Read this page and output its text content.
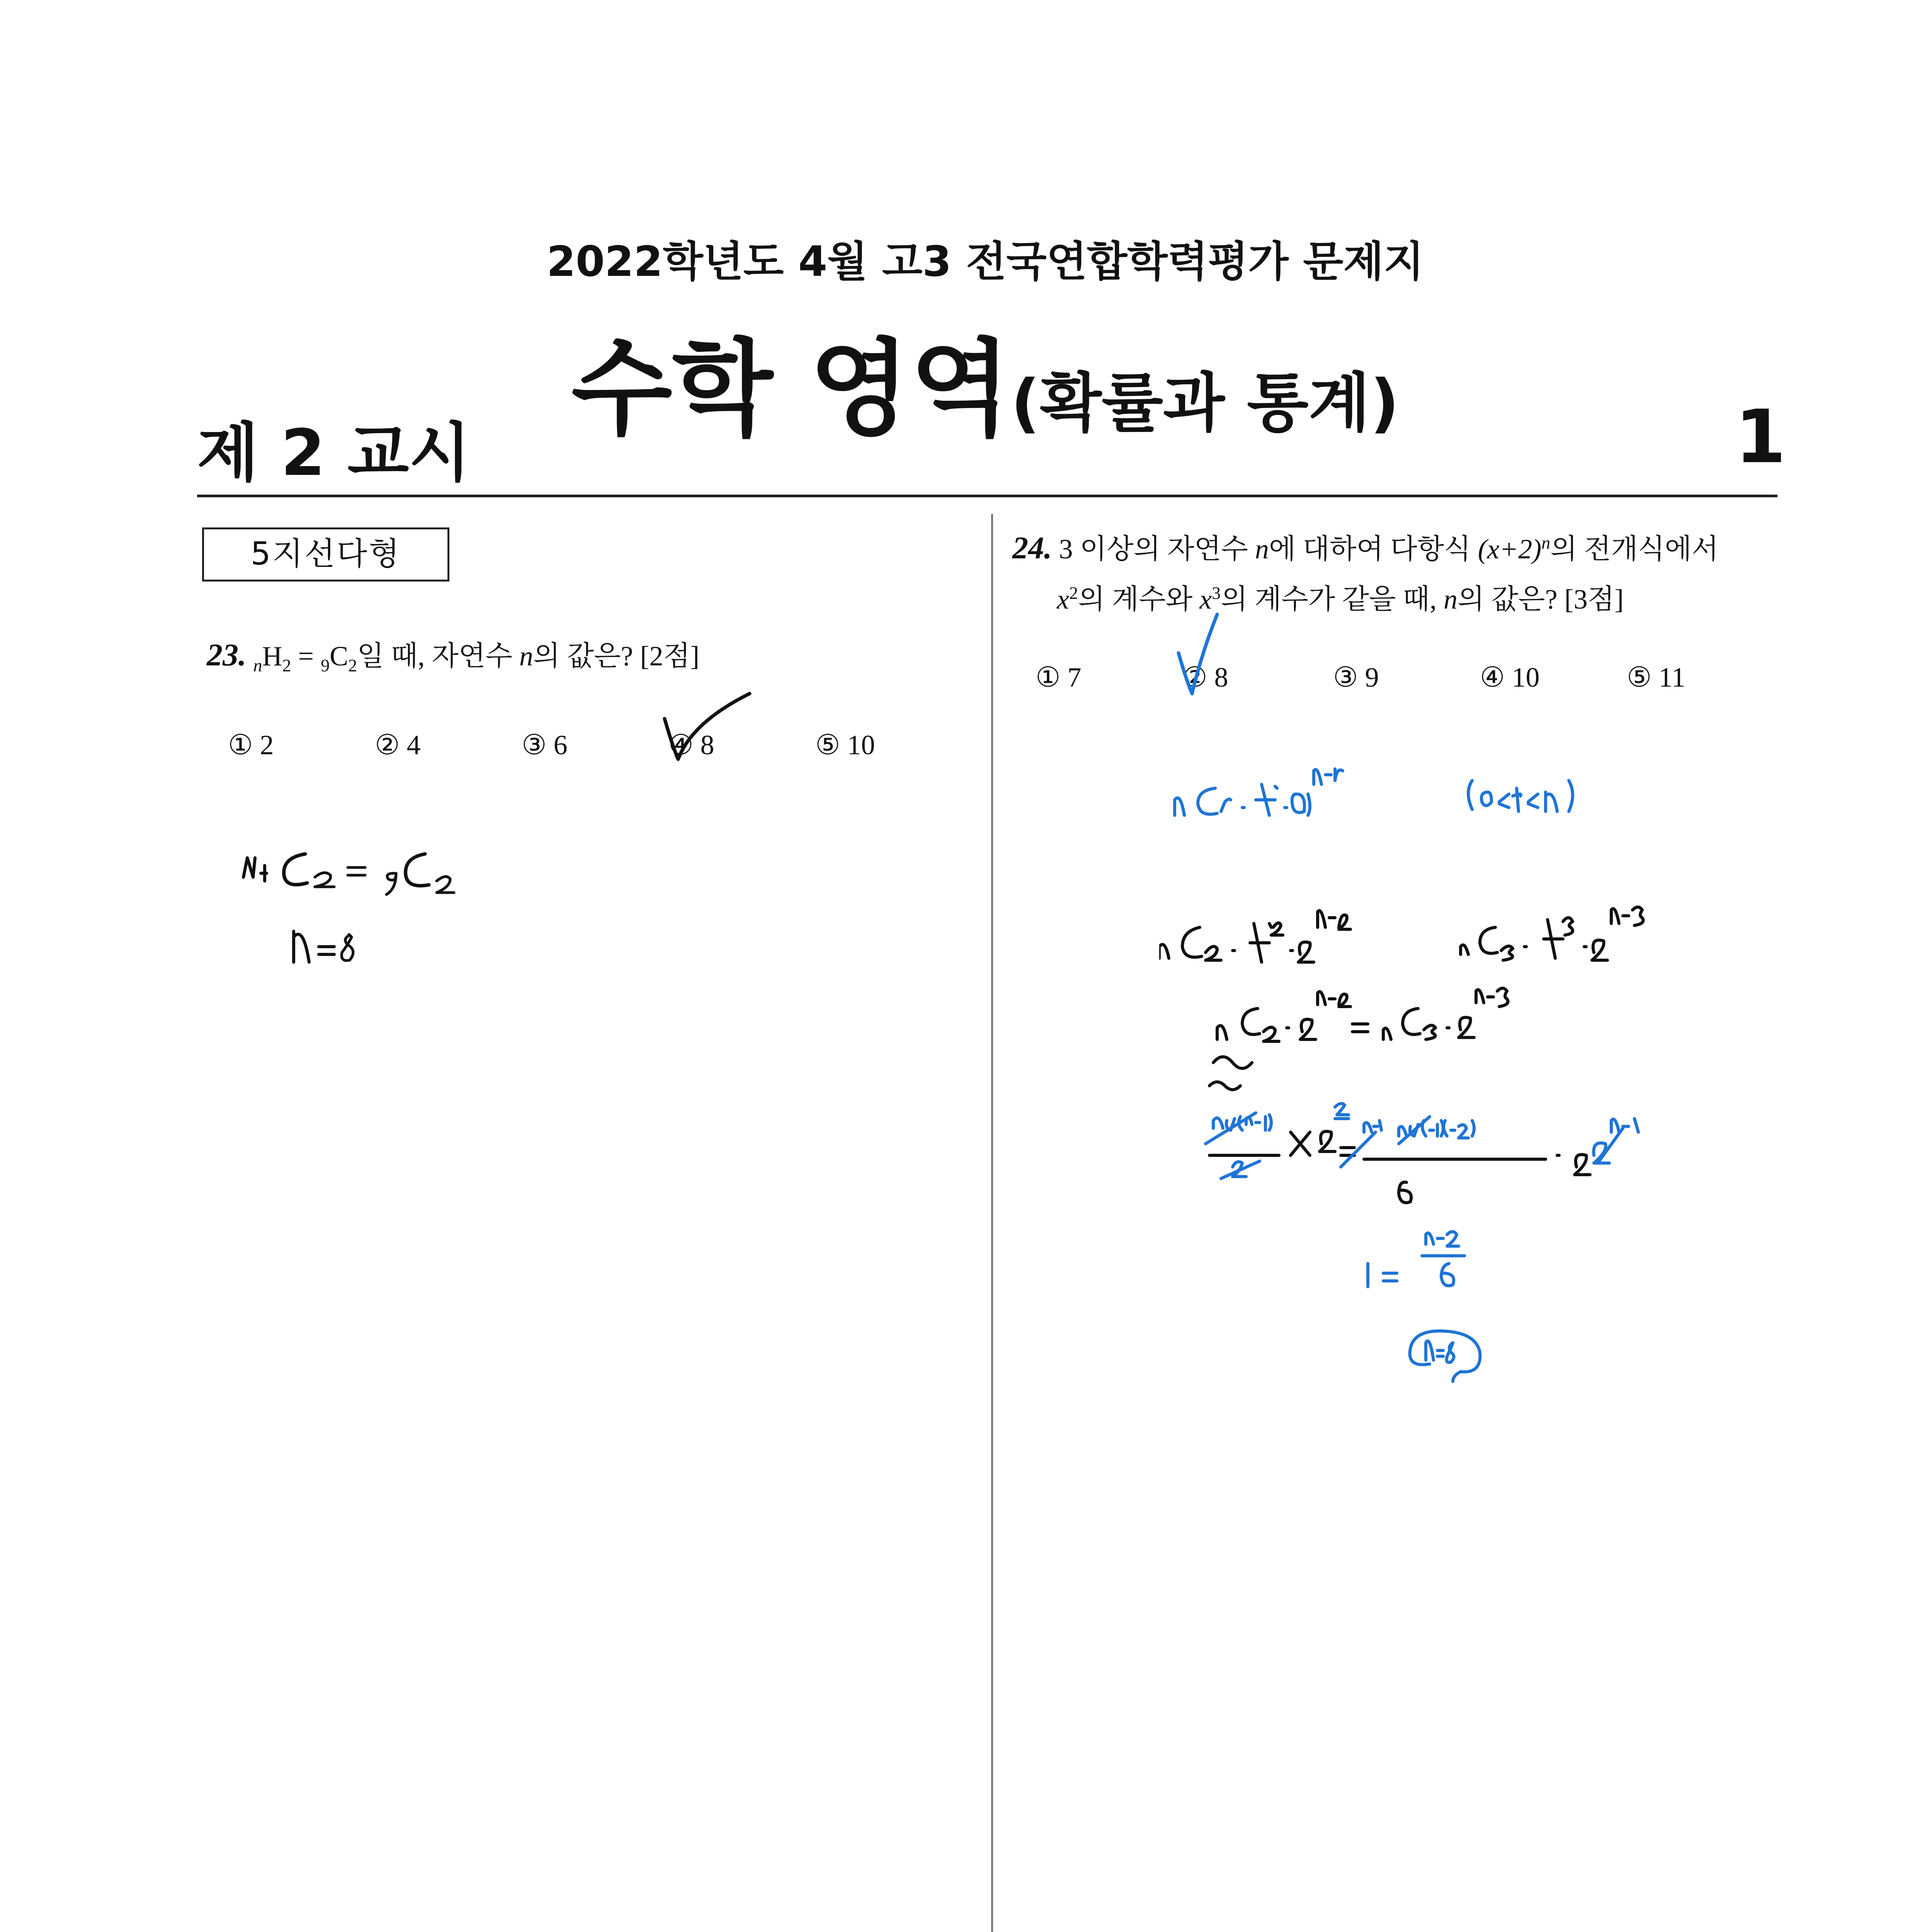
2022학년도 4월 고3 전국연합학력평가 문제지
수학 영역(확률과 통계)
제 2 교시	1
5지선다형
23. $_nH_2 = _9C_2$일 때, 자연수 n의 값은? [2점]
① 2	② 4	③ 6	④ 8	⑤ 10
24. 3 이상의 자연수 n에 대하여 다항식 $(x+2)^n$의 전개식에서
$x^2$의 계수와 $x^3$의 계수가 같을 때, n의 값은? [3점]
① 7	② 8	③ 9	④ 10	⑤ 11
